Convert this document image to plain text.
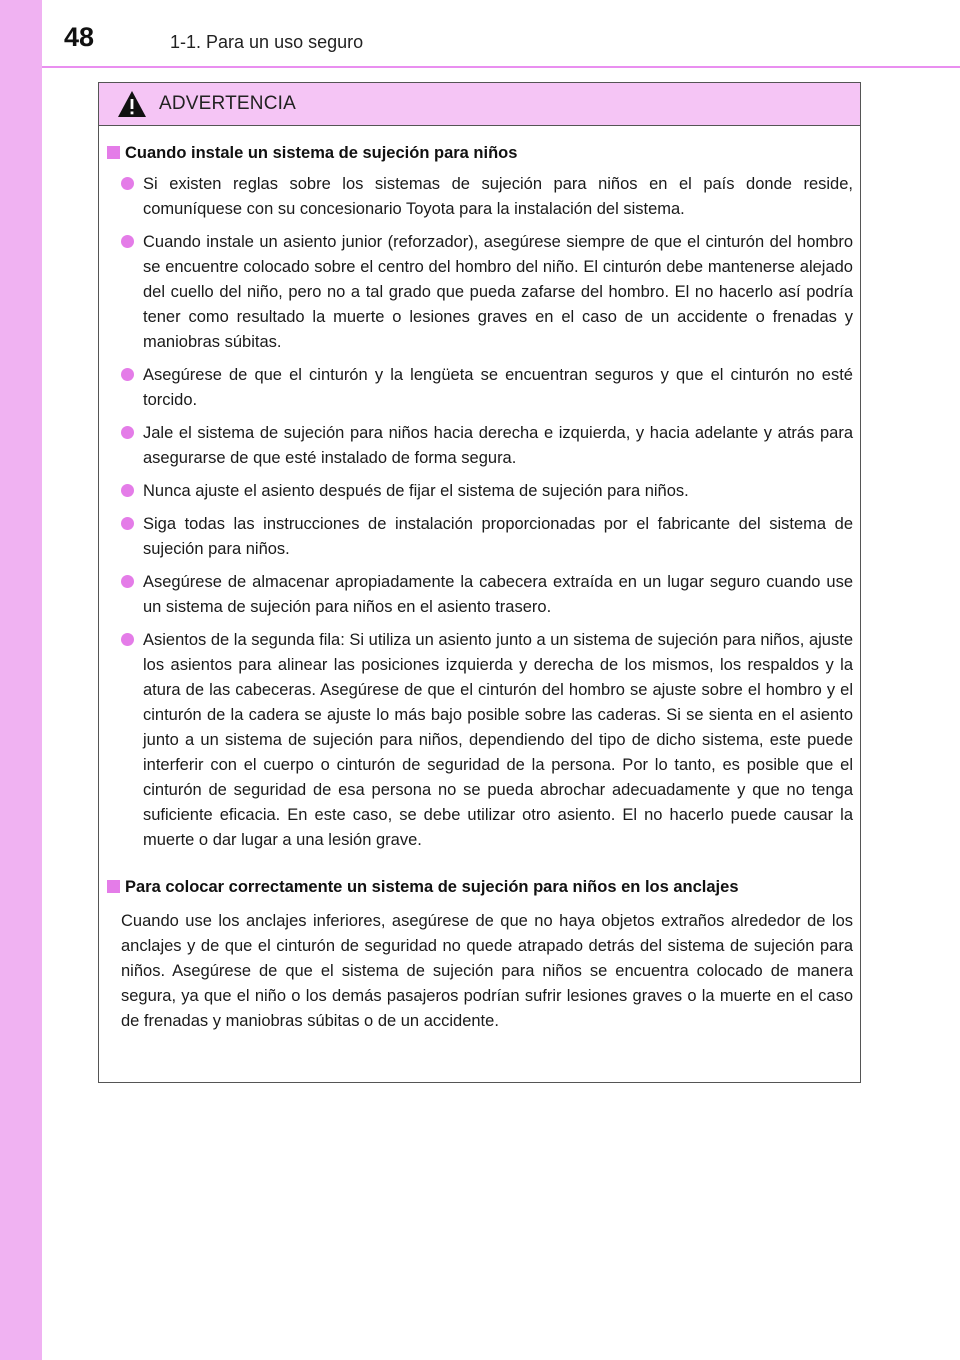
48	1-1. Para un uso seguro
ADVERTENCIA
Cuando instale un sistema de sujeción para niños
Si existen reglas sobre los sistemas de sujeción para niños en el país donde reside, comuníquese con su concesionario Toyota para la instalación del sistema.
Cuando instale un asiento junior (reforzador), asegúrese siempre de que el cinturón del hombro se encuentre colocado sobre el centro del hombro del niño. El cinturón debe mantenerse alejado del cuello del niño, pero no a tal grado que pueda zafarse del hombro. El no hacerlo así podría tener como resultado la muerte o lesiones graves en el caso de un accidente o frenadas y maniobras súbitas.
Asegúrese de que el cinturón y la lengüeta se encuentran seguros y que el cinturón no esté torcido.
Jale el sistema de sujeción para niños hacia derecha e izquierda, y hacia adelante y atrás para asegurarse de que esté instalado de forma segura.
Nunca ajuste el asiento después de fijar el sistema de sujeción para niños.
Siga todas las instrucciones de instalación proporcionadas por el fabricante del sistema de sujeción para niños.
Asegúrese de almacenar apropiadamente la cabecera extraída en un lugar seguro cuando use un sistema de sujeción para niños en el asiento trasero.
Asientos de la segunda fila: Si utiliza un asiento junto a un sistema de sujeción para niños, ajuste los asientos para alinear las posiciones izquierda y derecha de los mismos, los respaldos y la atura de las cabeceras. Asegúrese de que el cinturón del hombro se ajuste sobre el hombro y el cinturón de la cadera se ajuste lo más bajo posible sobre las caderas. Si se sienta en el asiento junto a un sistema de sujeción para niños, dependiendo del tipo de dicho sistema, este puede interferir con el cuerpo o cinturón de seguridad de la persona. Por lo tanto, es posible que el cinturón de seguridad de esa persona no se pueda abrochar adecuadamente y que no tenga suficiente eficacia. En este caso, se debe utilizar otro asiento. El no hacerlo puede causar la muerte o dar lugar a una lesión grave.
Para colocar correctamente un sistema de sujeción para niños en los anclajes
Cuando use los anclajes inferiores, asegúrese de que no haya objetos extraños alrededor de los anclajes y de que el cinturón de seguridad no quede atrapado detrás del sistema de sujeción para niños. Asegúrese de que el sistema de sujeción para niños se encuentra colocado de manera segura, ya que el niño o los demás pasajeros podrían sufrir lesiones graves o la muerte en el caso de frenadas y maniobras súbitas o de un accidente.
